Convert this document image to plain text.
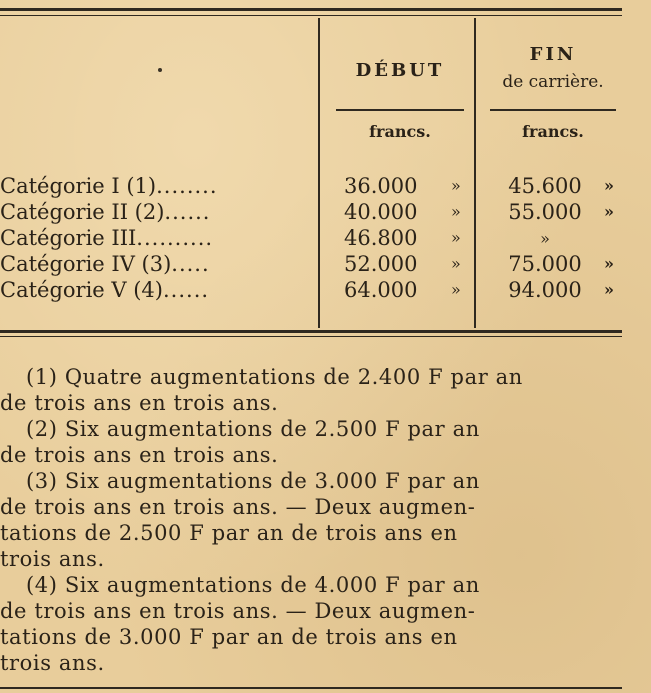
DÉBUT
FIN
de carrière.
francs.	francs.
Catégorie I (1)........	36.000 »	45.600	»
Catégorie II (2)......	40.000 »	55.000	»
Catégorie III..........	46.800 »	»
Catégorie IV (3).....	52.000 »	75.000	»
Catégorie V (4)......	64.000 »	94.000	»
(1) Quatre augmentations de 2.400 F par an
de trois ans en trois ans.
(2) Six augmentations de 2.500 F par an
de trois ans en trois ans.
(3) Six augmentations de 3.000 F par an
de trois ans en trois ans. — Deux augmen-
tations de 2.500 F par an de trois ans en
trois ans.
(4) Six augmentations de 4.000 F par an
de trois ans en trois ans. — Deux augmen-
tations de 3.000 F par an de trois ans en
trois ans.
